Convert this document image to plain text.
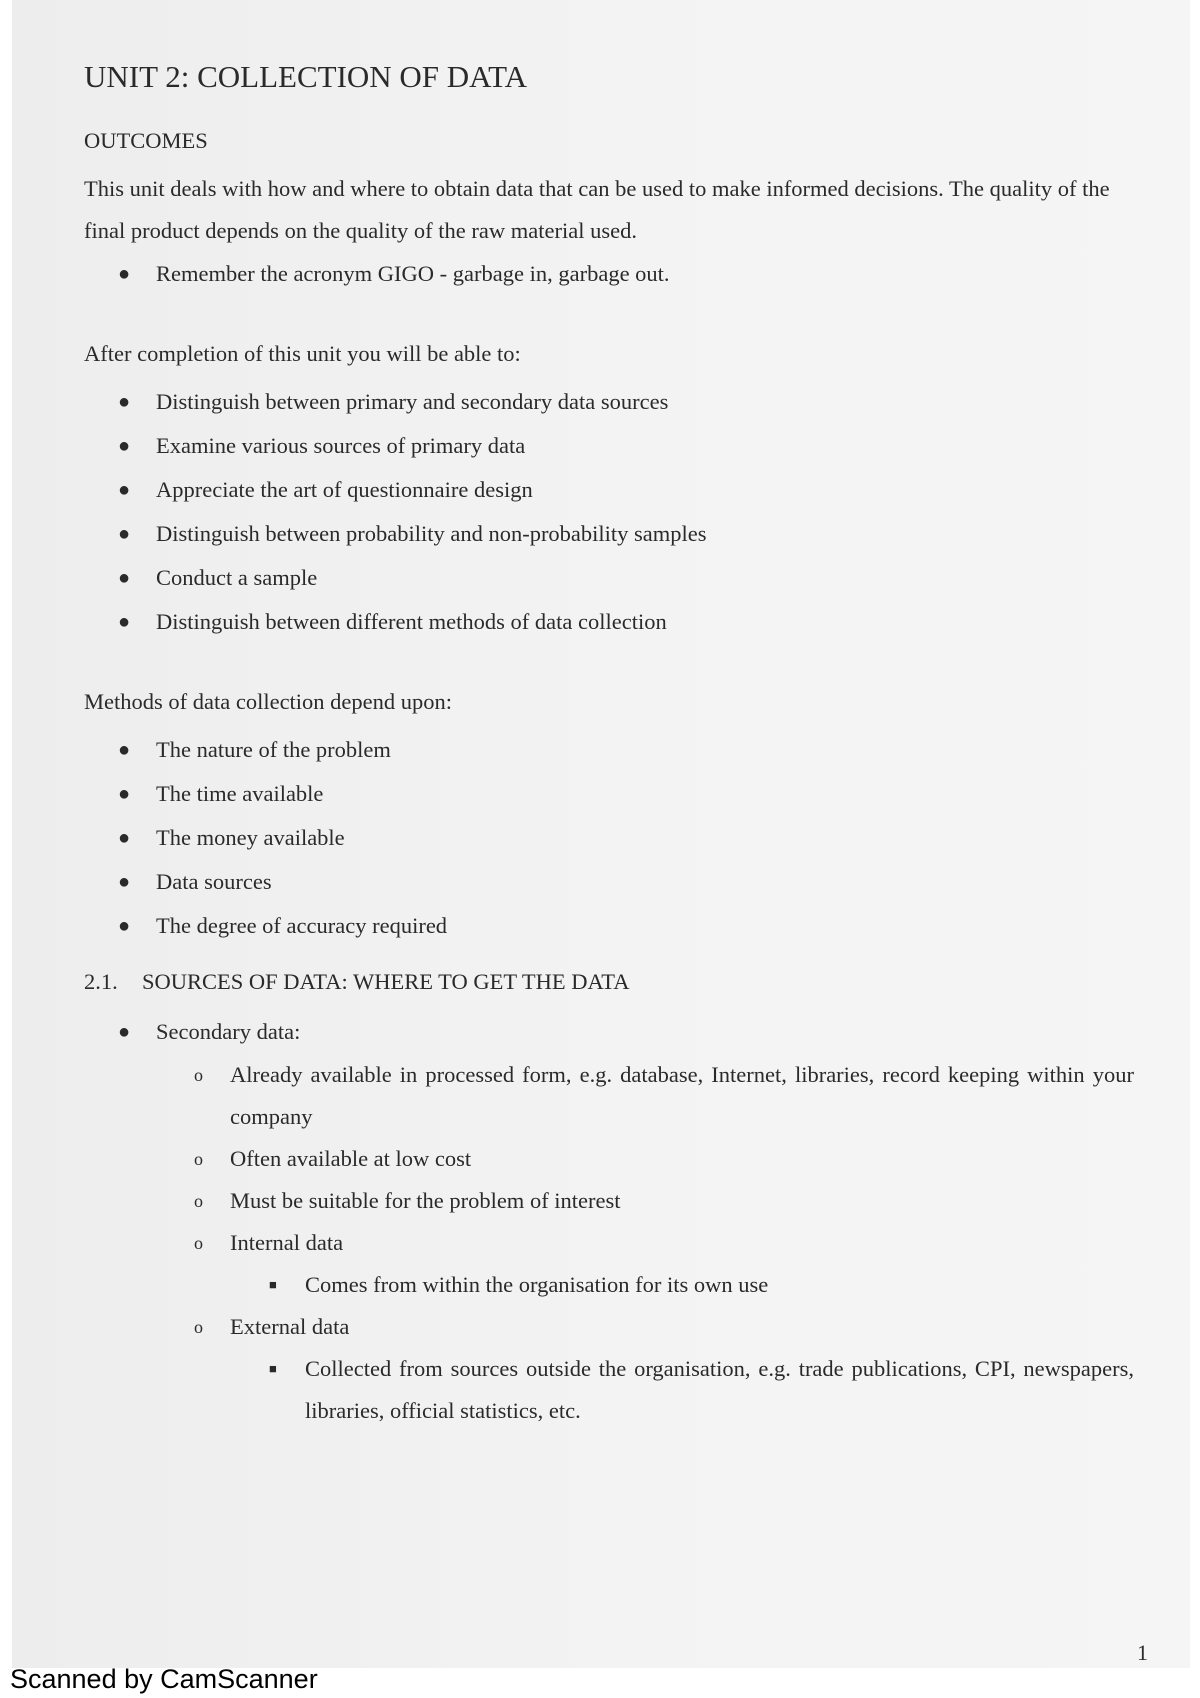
UNIT 2: COLLECTION OF DATA
OUTCOMES

This unit deals with how and where to obtain data that can be used to make informed decisions. The quality of the final product depends on the quality of the raw material used.

●	Remember the acronym GIGO - garbage in, garbage out.

After completion of this unit you will be able to:

●	Distinguish between primary and secondary data sources
●	Examine various sources of primary data
●	Appreciate the art of questionnaire design
●	Distinguish between probability and non-probability samples
●	Conduct a sample
●	Distinguish between different methods of data collection

Methods of data collection depend upon:

●	The nature of the problem
●	The time available
●	The money available
●	Data sources
●	The degree of accuracy required
2.1. SOURCES OF DATA: WHERE TO GET THE DATA
●	Secondary data:
o	Already available in processed form, e.g. database, Internet, libraries, record keeping within your company
o	Often available at low cost
o	Must be suitable for the problem of interest
o	Internal data
■	Comes from within the organisation for its own use
o	External data
■	Collected from sources outside the organisation, e.g. trade publications, CPI, newspapers, libraries, official statistics, etc.
1
Scanned by CamScanner
